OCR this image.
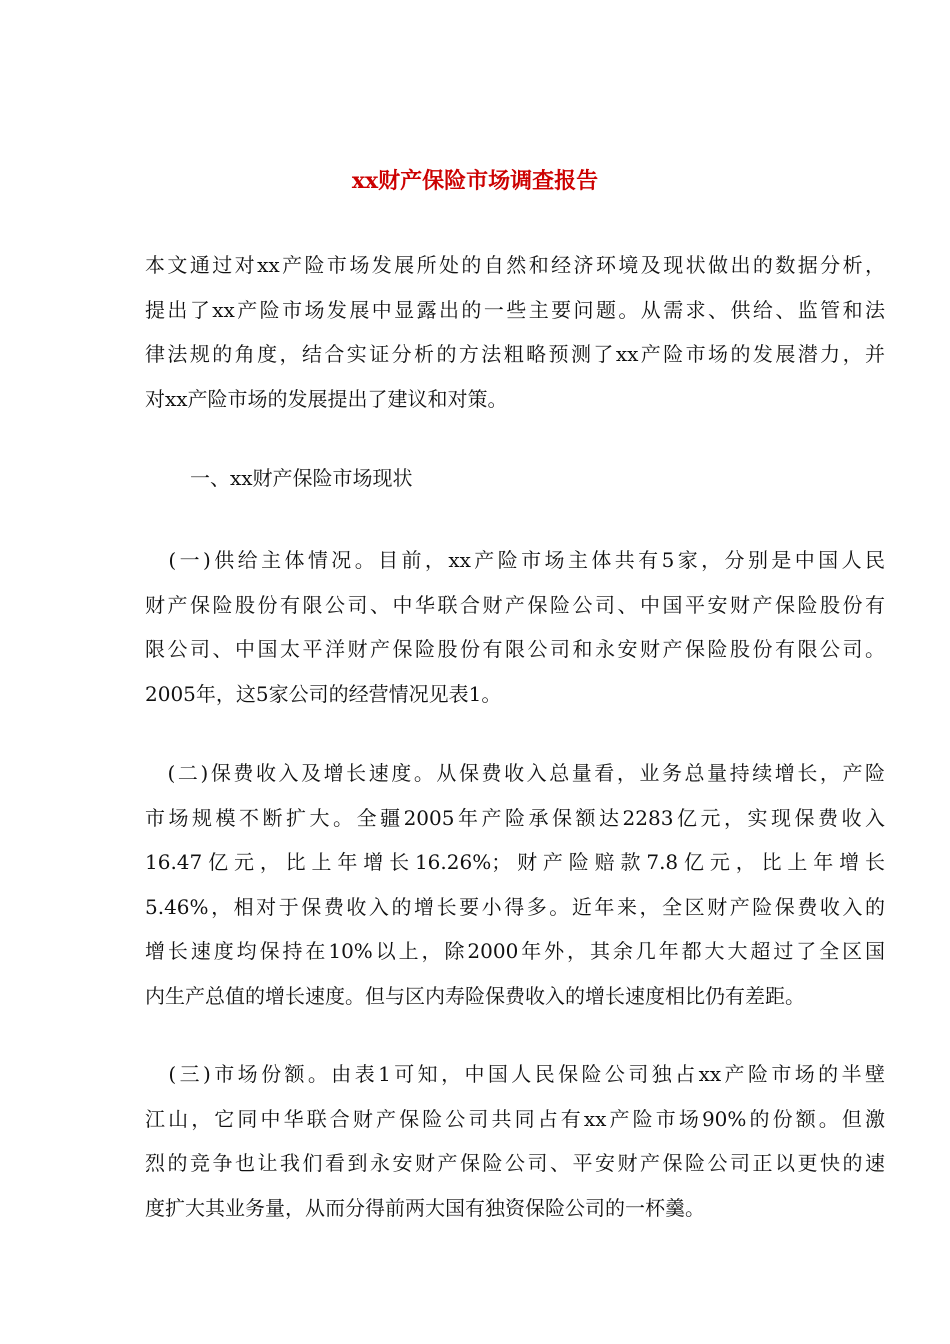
xx财产保险市场调查报告
本文通过对xx产险市场发展所处的自然和经济环境及现状做出的数据分析，
提出了xx产险市场发展中显露出的一些主要问题。从需求、供给、监管和法
律法规的角度，结合实证分析的方法粗略预测了xx产险市场的发展潜力，并
对xx产险市场的发展提出了建议和对策。
一、xx财产保险市场现状
　(一)供给主体情况。目前，xx产险市场主体共有5家，分别是中国人民
财产保险股份有限公司、中华联合财产保险公司、中国平安财产保险股份有
限公司、中国太平洋财产保险股份有限公司和永安财产保险股份有限公司。
2005年，这5家公司的经营情况见表1。
　(二)保费收入及增长速度。从保费收入总量看，业务总量持续增长，产险
市场规模不断扩大。全疆2005年产险承保额达2283亿元，实现保费收入
16.47亿元，比上年增长16.26%；财产险赔款7.8亿元，比上年增长
5.46%，相对于保费收入的增长要小得多。近年来，全区财产险保费收入的
增长速度均保持在10%以上，除2000年外，其余几年都大大超过了全区国
内生产总值的增长速度。但与区内寿险保费收入的增长速度相比仍有差距。
　(三)市场份额。由表1可知，中国人民保险公司独占xx产险市场的半壁
江山，它同中华联合财产保险公司共同占有xx产险市场90%的份额。但激
烈的竞争也让我们看到永安财产保险公司、平安财产保险公司正以更快的速
度扩大其业务量，从而分得前两大国有独资保险公司的一杯羹。
